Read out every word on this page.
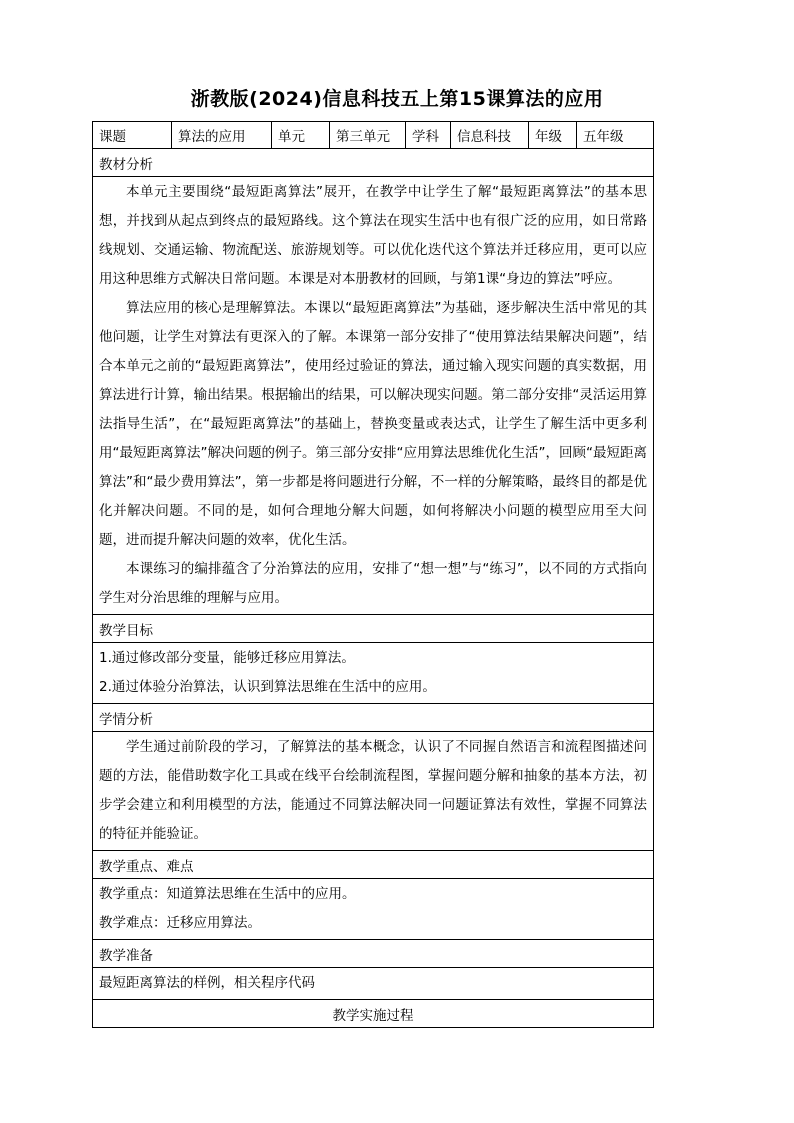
浙教版(2024)信息科技五上第15课算法的应用
课题	算法的应用	单元	第三单元	学科	信息科技	年级	五年级
教材分析

本单元主要围绕“最短距离算法”展开，在教学中让学生了解“最短距离算法”的基本思想，并找到从起点到终点的最短路线。这个算法在现实生活中也有很广泛的应用，如日常路线规划、交通运输、物流配送、旅游规划等。可以优化迭代这个算法并迁移应用，更可以应用这种思维方式解决日常问题。本课是对本册教材的回顾，与第1课“身边的算法”呼应。

算法应用的核心是理解算法。本课以“最短距离算法”为基础，逐步解决生活中常见的其他问题，让学生对算法有更深入的了解。本课第一部分安排了“使用算法结果解决问题”，结合本单元之前的“最短距离算法”，使用经过验证的算法，通过输入现实问题的真实数据，用算法进行计算，输出结果。根据输出的结果，可以解决现实问题。第二部分安排“灵活运用算法指导生活”，在“最短距离算法”的基础上，替换变量或表达式，让学生了解生活中更多利用“最短距离算法”解决问题的例子。第三部分安排“应用算法思维优化生活”，回顾“最短距离算法”和“最少费用算法”，第一步都是将问题进行分解，不一样的分解策略，最终目的都是优化并解决问题。不同的是，如何合理地分解大问题，如何将解决小问题的模型应用至大问题，进而提升解决问题的效率，优化生活。

本课练习的编排蕴含了分治算法的应用，安排了“想一想”与“练习”，以不同的方式指向学生对分治思维的理解与应用。

教学目标

1.通过修改部分变量，能够迁移应用算法。

2.通过体验分治算法，认识到算法思维在生活中的应用。

学情分析

学生通过前阶段的学习，了解算法的基本概念，认识了不同握自然语言和流程图描述问题的方法，能借助数字化工具或在线平台绘制流程图，掌握问题分解和抽象的基本方法，初步学会建立和利用模型的方法，能通过不同算法解决同一问题证算法有效性，掌握不同算法的特征并能验证。

教学重点、难点

教学重点：知道算法思维在生活中的应用。

教学难点：迁移应用算法。

教学准备

最短距离算法的样例，相关程序代码

教学实施过程
